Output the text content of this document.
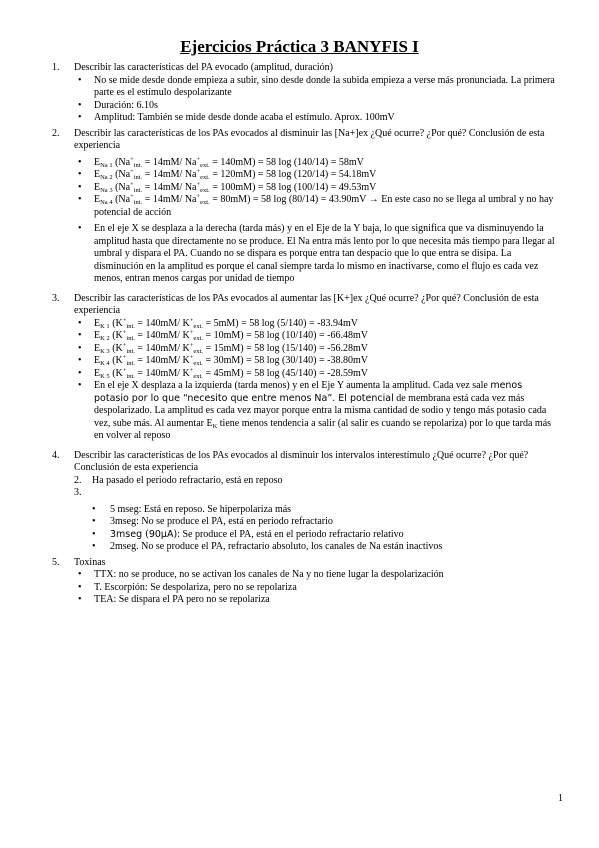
Ejercicios Práctica 3 BANYFIS I
1. Describir las características del PA evocado (amplitud, duración)
• No se mide desde donde empieza a subir, sino desde donde la subida empieza a verse más pronunciada. La primera parte es el estímulo despolarizante
• Duración: 6.10s
• Amplitud: También se mide desde donde acaba el estímulo. Aprox. 100mV
2. Describir las características de los PAs evocados al disminuir las [Na+]ex ¿Qué ocurre? ¿Por qué? Conclusión de esta experiencia
• $E_{Na 1}$ ($Na^+_{int.} = 14mM/$ $Na^+_{ext.} = 140mM) = 58$ log (140/14) = 58mV
• $E_{Na 2}$ ($Na^+_{int.} = 14mM/$ $Na^+_{ext.} = 120mM) = 58$ log (120/14) = 54.18mV
• $E_{Na 3}$ ($Na^+_{int.} = 14mM/$ $Na^+_{ext.} = 100mM) = 58$ log (100/14) = 49.53mV
• $E_{Na 4}$ ($Na^+_{int.} = 14mM/$ $Na^+_{ext.} = 80mM) = 58$ log (80/14) = 43.90mV → En este caso no se llega al umbral y no hay potencial de acción
• En el eje X se desplaza a la derecha (tarda más) y en el Eje de la Y baja, lo que significa que va disminuyendo la amplitud hasta que directamente no se produce. El Na entra más lento por lo que necesita más tiempo para llegar al umbral y dispara el PA. Cuando no se dispara es porque entra tan despacio que lo que entra se disipa. La disminución en la amplitud es porque el canal siempre tarda lo mismo en inactivarse, como el flujo es cada vez menos, entran menos cargas por unidad de tiempo
3. Describir las características de los PAs evocados al aumentar las [K+]ex ¿Qué ocurre? ¿Por qué? Conclusión de esta experiencia
• $E_{K 1}$ ($K^+_{int.} = 140mM/$ $K^+_{ext.} = 5mM) = 58$ log (5/140) = -83.94mV
• $E_{K 2}$ ($K^+_{int.} = 140mM/$ $K^+_{ext.} = 10mM) = 58$ log (10/140) = -66.48mV
• $E_{K 3}$ ($K^+_{int.} = 140mM/$ $K^+_{ext.} = 15mM) = 58$ log (15/140) = -56.28mV
• $E_{K 4}$ ($K^+_{int.} = 140mM/$ $K^+_{ext.} = 30mM) = 58$ log (30/140) = -38.80mV
• $E_{K 5}$ ($K^+_{int.} = 140mM/$ $K^+_{ext.} = 45mM) = 58$ log (45/140) = -28.59mV
• En el eje X desplaza a la izquierda (tarda menos) y en el Eje Y aumenta la amplitud. Cada vez sale menos potasio por lo que “necesito que entre menos Na”. El potencial de membrana está cada vez más despolarizado. La amplitud es cada vez mayor porque entra la misma cantidad de sodio y tengo más potasio cada vez, sube más. Al aumentar $E_K$ tiene menos tendencia a salir (al salir es cuando se repolariza) por lo que tarda más en volver al reposo
4. Describir las características de los PAs evocados al disminuir los intervalos interestímulo ¿Qué ocurre? ¿Por qué? Conclusión de esta experiencia
2. Ha pasado el periodo refractario, está en reposo
3.

• 5 mseg: Está en reposo. Se hiperpolariza más
• 3mseg: No se produce el PA, está en periodo refractario
• 3mseg (90μA): Se produce el PA, está en el periodo refractario relativo
• 2mseg. No se produce el PA, refractario absoluto, los canales de Na están inactivos
5. Toxinas
• TTX: no se produce, no se activan los canales de Na y no tiene lugar la despolarización
• T. Escorpión: Se despolariza, pero no se repolariza
• TEA: Se dispara el PA pero no se repolariza
1
